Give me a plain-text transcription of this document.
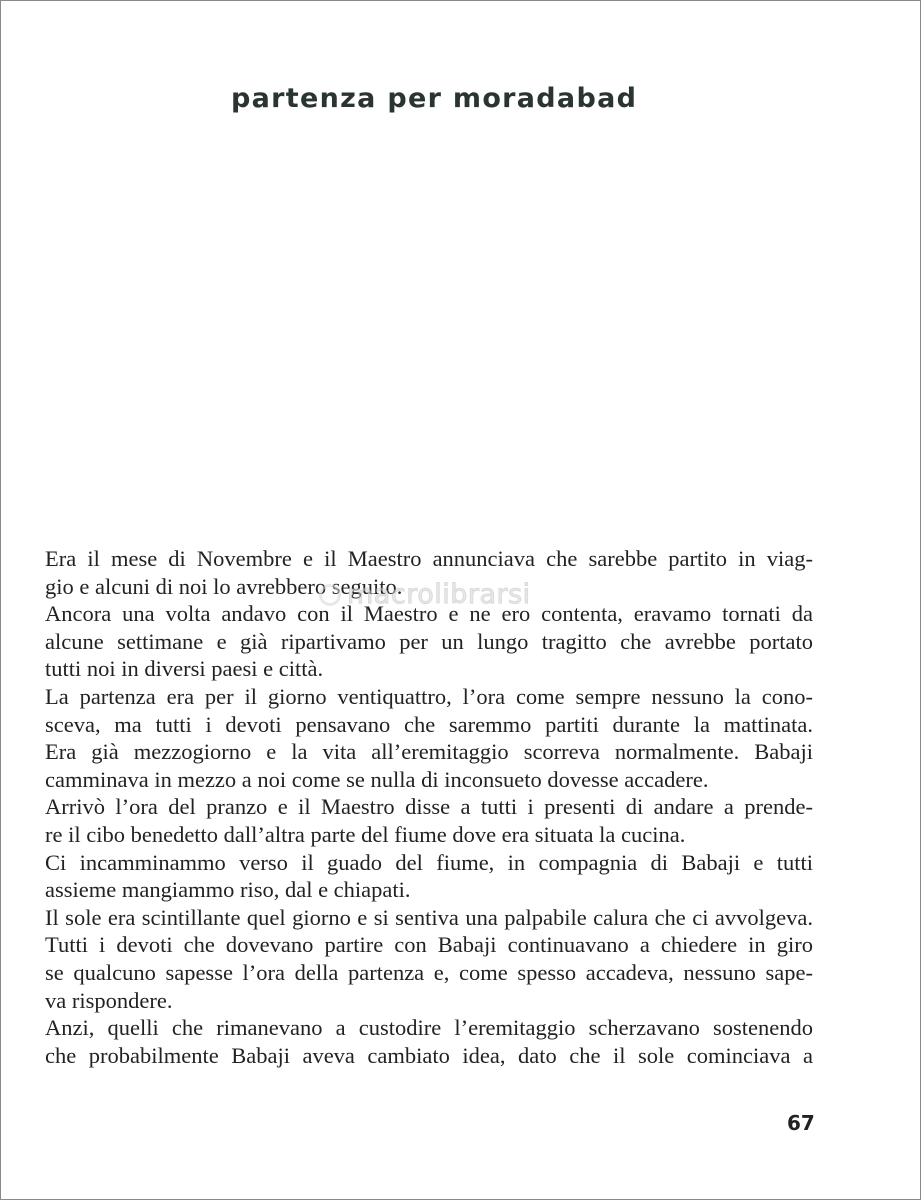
partenza per moradabad
Era il mese di Novembre e il Maestro annunciava che sarebbe partito in viag-
gio e alcuni di noi lo avrebbero seguito.
Ancora una volta andavo con il Maestro e ne ero contenta, eravamo tornati da
alcune settimane e già ripartivamo per un lungo tragitto che avrebbe portato
tutti noi in diversi paesi e città.
La partenza era per il giorno ventiquattro, l’ora come sempre nessuno la cono-
sceva, ma tutti i devoti pensavano che saremmo partiti durante la mattinata.
Era già mezzogiorno e la vita all’eremitaggio scorreva normalmente. Babaji
camminava in mezzo a noi come se nulla di inconsueto dovesse accadere.
Arrivò l’ora del pranzo e il Maestro disse a tutti i presenti di andare a prende-
re il cibo benedetto dall’altra parte del fiume dove era situata la cucina.
Ci incamminammo verso il guado del fiume, in compagnia di Babaji e tutti
assieme mangiammo riso, dal e chiapati.
Il sole era scintillante quel giorno e si sentiva una palpabile calura che ci avvolgeva.
Tutti i devoti che dovevano partire con Babaji continuavano a chiedere in giro
se qualcuno sapesse l’ora della partenza e, come spesso accadeva, nessuno sape-
va rispondere.
Anzi, quelli che rimanevano a custodire l’eremitaggio scherzavano sostenendo
che probabilmente Babaji aveva cambiato idea, dato che il sole cominciava a
macrolibrarsi
67
